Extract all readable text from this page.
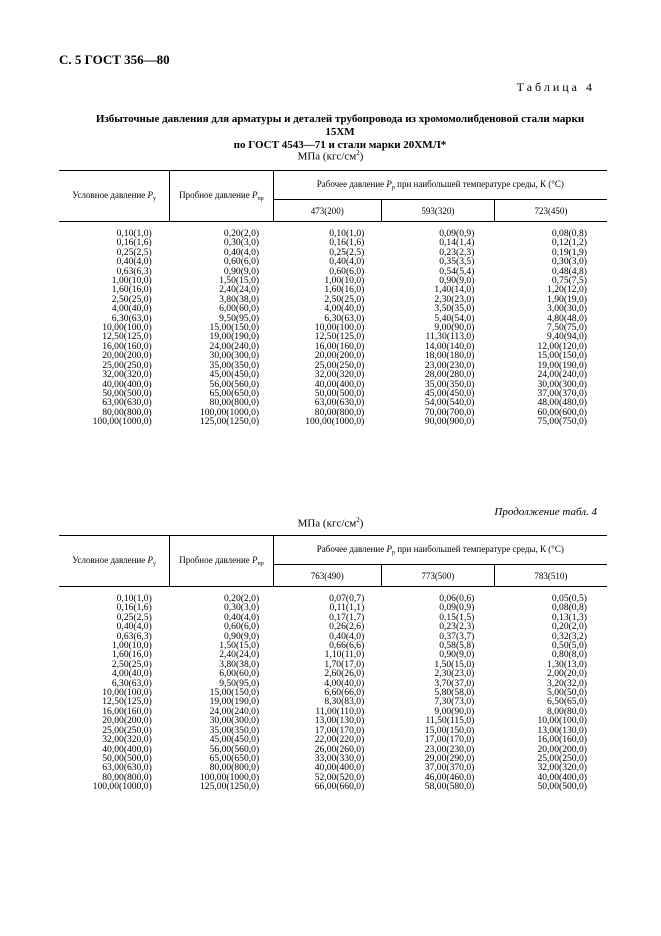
С. 5 ГОСТ 356—80
Таблица 4
Избыточные давления для арматуры и деталей трубопровода из хромомолибденовой стали марки 15ХМ
по ГОСТ 4543—71 и стали марки 20ХМЛ*
МПа $(кгс/см^2)$
Условное давление $P_у$	Пробное давление $P_{пр}$	Рабочее давление $P_р$ при наибольшей температуре среды, К (°С)		
		473(200)	593(320)	723(450)
0,10(1,0)	0,20(2,0)	0,10(1,0)	0,09(0,9)	0,08(0,8)
0,16(1,6)	0,30(3,0)	0,16(1,6)	0,14(1,4)	0,12(1,2)
0,25(2,5)	0,40(4,0)	0,25(2,5)	0,23(2,3)	0,19(1,9)
0,40(4,0)	0,60(6,0)	0,40(4,0)	0,35(3,5)	0,30(3,0)
0,63(6,3)	0,90(9,0)	0,60(6,0)	0,54(5,4)	0,48(4,8)
1,00(10,0)	1,50(15,0)	1,00(10,0)	0,90(9,0)	0,75(7,5)
1,60(16,0)	2,40(24,0)	1,60(16,0)	1,40(14,0)	1,20(12,0)
2,50(25,0)	3,80(38,0)	2,50(25,0)	2,30(23,0)	1,90(19,0)
4,00(40,0)	6,00(60,0)	4,00(40,0)	3,50(35,0)	3,00(30,0)
6,30(63,0)	9,50(95,0)	6,30(63,0)	5,40(54,0)	4,80(48,0)
10,00(100,0)	15,00(150,0)	10,00(100,0)	9,00(90,0)	7,50(75,0)
12,50(125,0)	19,00(190,0)	12,50(125,0)	11,30(113,0)	9,40(94,0)
16,00(160,0)	24,00(240,0)	16,00(160,0)	14,00(140,0)	12,00(120,0)
20,00(200,0)	30,00(300,0)	20,00(200,0)	18,00(180,0)	15,00(150,0)
25,00(250,0)	35,00(350,0)	25,00(250,0)	23,00(230,0)	19,00(190,0)
32,00(320,0)	45,00(450,0)	32,00(320,0)	28,00(280,0)	24,00(240,0)
40,00(400,0)	56,00(560,0)	40,00(400,0)	35,00(350,0)	30,00(300,0)
50,00(500,0)	65,00(650,0)	50,00(500,0)	45,00(450,0)	37,00(370,0)
63,00(630,0)	80,00(800,0)	63,00(630,0)	54,00(540,0)	48,00(480,0)
80,00(800,0)	100,00(1000,0)	80,00(800,0)	70,00(700,0)	60,00(600,0)
100,00(1000,0)	125,00(1250,0)	100,00(1000,0)	90,00(900,0)	75,00(750,0)
Продолжение табл. 4
МПа $(кгс/см^2)$
Условное давление $P_у$	Пробное давление $P_{пр}$	Рабочее давление $P_р$ при наибольшей температуре среды, К (°С)		
		763(490)	773(500)	783(510)
0,10(1,0)	0,20(2,0)	0,07(0,7)	0,06(0,6)	0,05(0,5)
0,16(1,6)	0,30(3,0)	0,11(1,1)	0,09(0,9)	0,08(0,8)
0,25(2,5)	0,40(4,0)	0,17(1,7)	0,15(1,5)	0,13(1,3)
0,40(4,0)	0,60(6,0)	0,26(2,6)	0,23(2,3)	0,20(2,0)
0,63(6,3)	0,90(9,0)	0,40(4,0)	0,37(3,7)	0,32(3,2)
1,00(10,0)	1,50(15,0)	0,66(6,6)	0,58(5,8)	0,50(5,0)
1,60(16,0)	2,40(24,0)	1,10(11,0)	0,90(9,0)	0,80(8,0)
2,50(25,0)	3,80(38,0)	1,70(17,0)	1,50(15,0)	1,30(13,0)
4,00(40,0)	6,00(60,0)	2,60(26,0)	2,30(23,0)	2,00(20,0)
6,30(63,0)	9,50(95,0)	4,00(40,0)	3,70(37,0)	3,20(32,0)
10,00(100,0)	15,00(150,0)	6,60(66,0)	5,80(58,0)	5,00(50,0)
12,50(125,0)	19,00(190,0)	8,30(83,0)	7,30(73,0)	6,50(65,0)
16,00(160,0)	24,00(240,0)	11,00(110,0)	9,00(90,0)	8,00(80,0)
20,00(200,0)	30,00(300,0)	13,00(130,0)	11,50(115,0)	10,00(100,0)
25,00(250,0)	35,00(350,0)	17,00(170,0)	15,00(150,0)	13,00(130,0)
32,00(320,0)	45,00(450,0)	22,00(220,0)	17,00(170,0)	16,00(160,0)
40,00(400,0)	56,00(560,0)	26,00(260,0)	23,00(230,0)	20,00(200,0)
50,00(500,0)	65,00(650,0)	33,00(330,0)	29,00(290,0)	25,00(250,0)
63,00(630,0)	80,00(800,0)	40,00(400,0)	37,00(370,0)	32,00(320,0)
80,00(800,0)	100,00(1000,0)	52,00(520,0)	46,00(460,0)	40,00(400,0)
100,00(1000,0)	125,00(1250,0)	66,00(660,0)	58,00(580,0)	50,00(500,0)
